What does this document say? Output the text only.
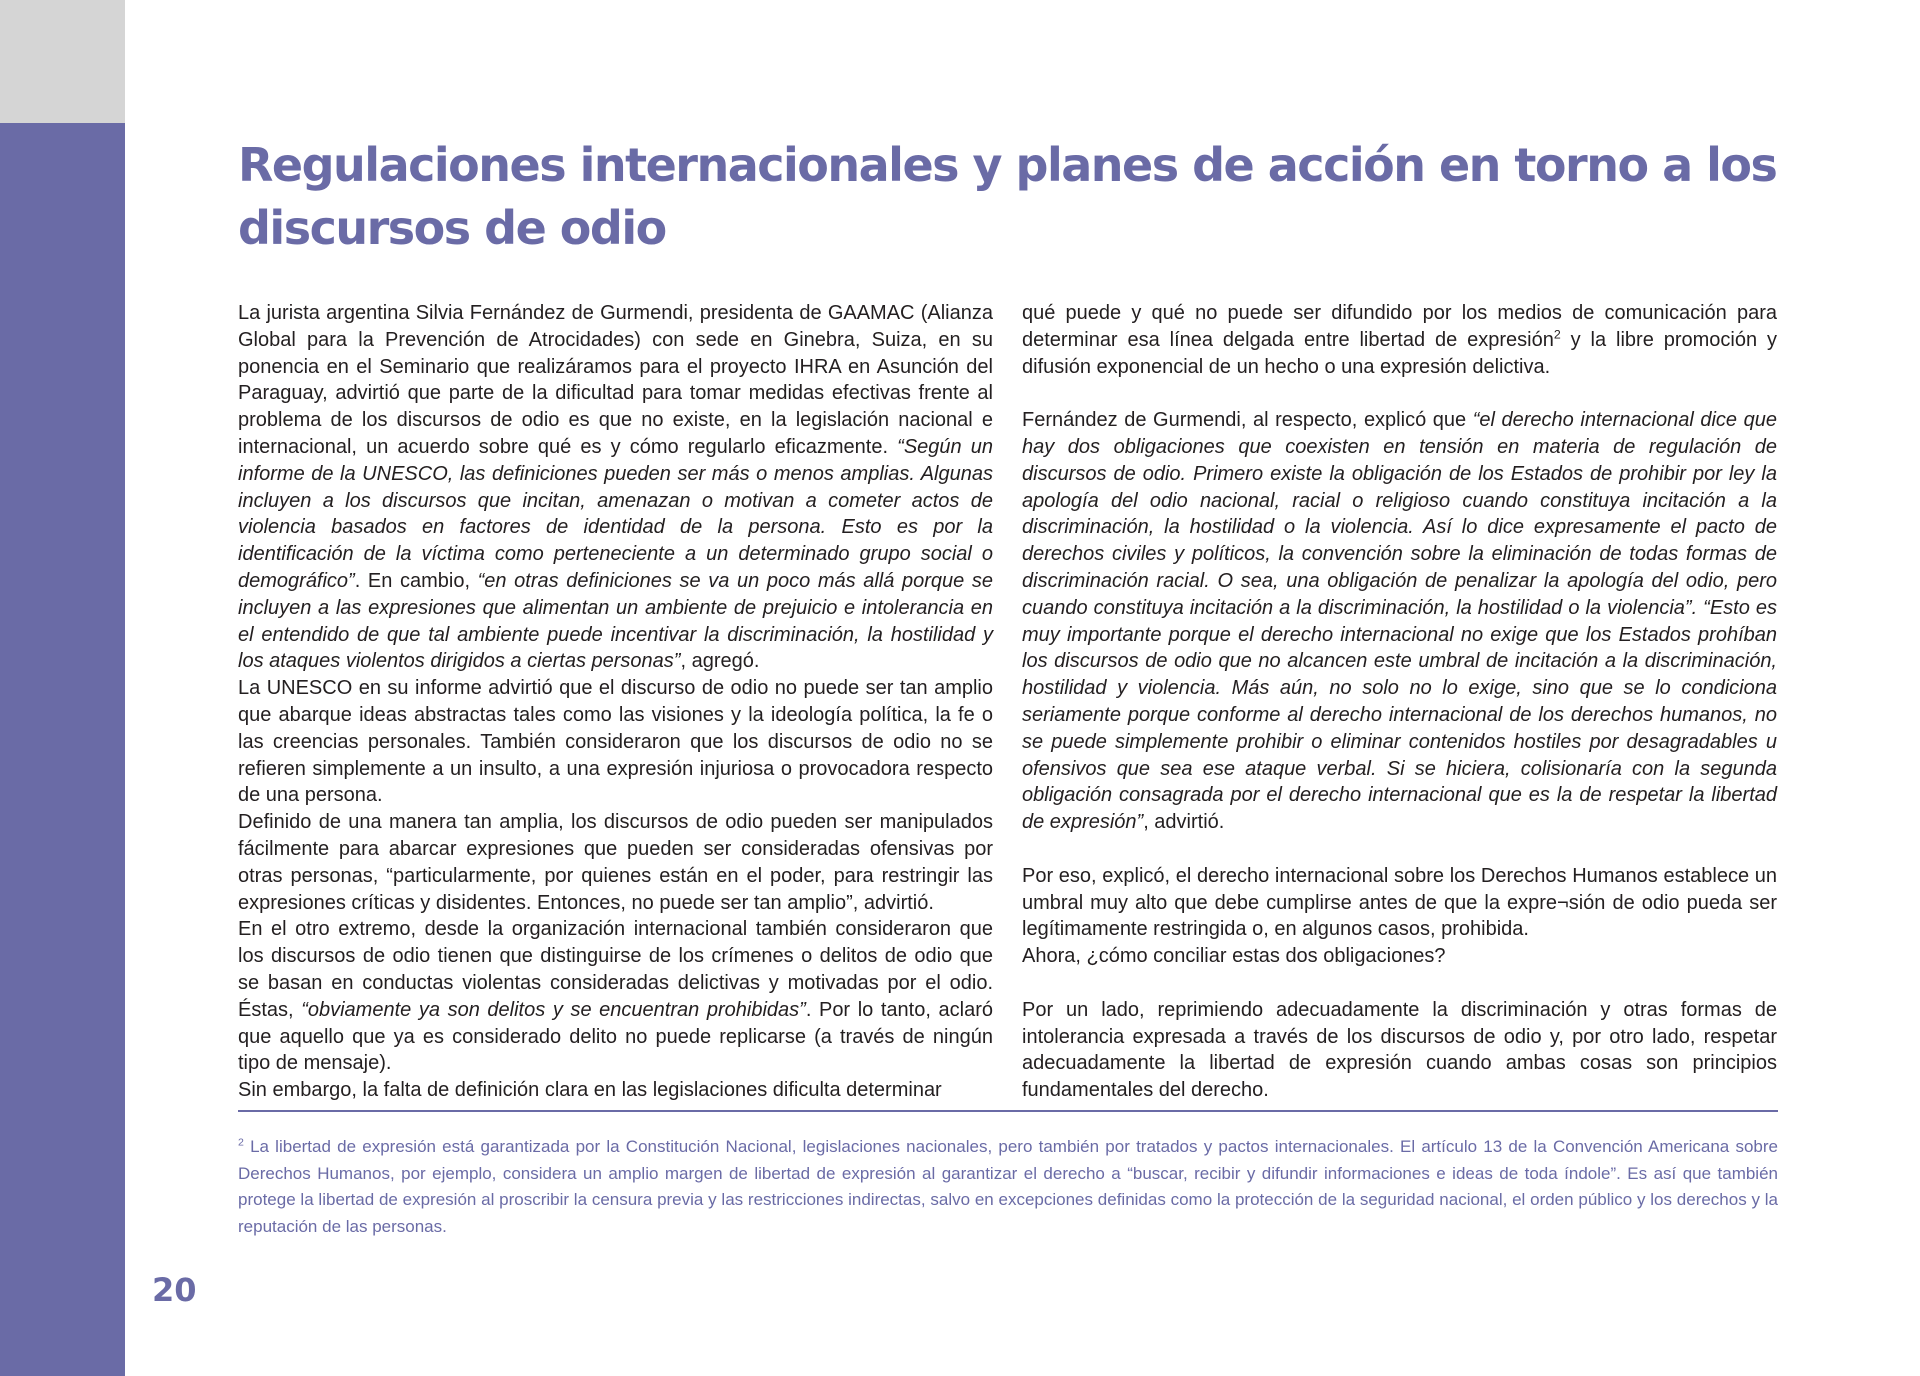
Regulaciones internacionales y planes de acción en torno a los discursos de odio

La jurista argentina Silvia Fernández de Gurmendi, presidenta de GAAMAC (Alianza Global para la Prevención de Atrocidades) con sede en Ginebra, Suiza, en su ponencia en el Seminario que realizáramos para el proyecto IHRA en Asunción del Paraguay, advirtió que parte de la dificultad para tomar medidas efectivas frente al problema de los discursos de odio es que no existe, en la legislación nacional e internacional, un acuerdo sobre qué es y cómo regularlo eficazmente. “Según un informe de la UNESCO, las definiciones pueden ser más o menos amplias. Algunas incluyen a los discursos que incitan, amenazan o motivan a cometer actos de violencia basados en factores de identidad de la persona. Esto es por la identificación de la víctima como perteneciente a un determinado grupo social o demográfico”. En cambio, “en otras definiciones se va un poco más allá porque se incluyen a las expresiones que alimentan un ambiente de prejuicio e intolerancia en el entendido de que tal ambiente puede incentivar la discriminación, la hostilidad y los ataques violentos dirigidos a ciertas personas”, agregó.

La UNESCO en su informe advirtió que el discurso de odio no puede ser tan amplio que abarque ideas abstractas tales como las visiones y la ideología política, la fe o las creencias personales. También consideraron que los discursos de odio no se refieren simplemente a un insulto, a una expresión injuriosa o provocadora respecto de una persona.

Definido de una manera tan amplia, los discursos de odio pueden ser manipulados fácilmente para abarcar expresiones que pueden ser consideradas ofensivas por otras personas, “particularmente, por quienes están en el poder, para restringir las expresiones críticas y disidentes. Entonces, no puede ser tan amplio”, advirtió.

En el otro extremo, desde la organización internacional también consideraron que los discursos de odio tienen que distinguirse de los crímenes o delitos de odio que se basan en conductas violentas consideradas delictivas y motivadas por el odio. Éstas, “obviamente ya son delitos y se encuentran prohibidas”. Por lo tanto, aclaró que aquello que ya es considerado delito no puede replicarse (a través de ningún tipo de mensaje).

Sin embargo, la falta de definición clara en las legislaciones dificulta determinar

qué puede y qué no puede ser difundido por los medios de comunicación para determinar esa línea delgada entre libertad de expresión$^2$ y la libre promoción y difusión exponencial de un hecho o una expresión delictiva.

Fernández de Gurmendi, al respecto, explicó que “el derecho internacional dice que hay dos obligaciones que coexisten en tensión en materia de regulación de discursos de odio. Primero existe la obligación de los Estados de prohibir por ley la apología del odio nacional, racial o religioso cuando constituya incitación a la discriminación, la hostilidad o la violencia. Así lo dice expresamente el pacto de derechos civiles y políticos, la convención sobre la eliminación de todas formas de discriminación racial. O sea, una obligación de penalizar la apología del odio, pero cuando constituya incitación a la discriminación, la hostilidad o la violencia”. “Esto es muy importante porque el derecho internacional no exige que los Estados prohíban los discursos de odio que no alcancen este umbral de incitación a la discriminación, hostilidad y violencia. Más aún, no solo no lo exige, sino que se lo condiciona seriamente porque conforme al derecho internacional de los derechos humanos, no se puede simplemente prohibir o eliminar contenidos hostiles por desagradables u ofensivos que sea ese ataque verbal. Si se hiciera, colisionaría con la segunda obligación consagrada por el derecho internacional que es la de respetar la libertad de expresión”, advirtió.

Por eso, explicó, el derecho internacional sobre los Derechos Humanos establece un umbral muy alto que debe cumplirse antes de que la expre¬sión de odio pueda ser legítimamente restringida o, en algunos casos, prohibida.

Ahora, ¿cómo conciliar estas dos obligaciones?

Por un lado, reprimiendo adecuadamente la discriminación y otras formas de intolerancia expresada a través de los discursos de odio y, por otro lado, respetar adecuadamente la libertad de expresión cuando ambas cosas son principios fundamentales del derecho.

$^2$ La libertad de expresión está garantizada por la Constitución Nacional, legislaciones nacionales, pero también por tratados y pactos internacionales. El artículo 13 de la Convención Americana sobre Derechos Humanos, por ejemplo, considera un amplio margen de libertad de expresión al garantizar el derecho a “buscar, recibir y difundir informaciones e ideas de toda índole”. Es así que también protege la libertad de expresión al proscribir la censura previa y las restricciones indirectas, salvo en excepciones definidas como la protección de la seguridad nacional, el orden público y los derechos y la reputación de las personas.

20
